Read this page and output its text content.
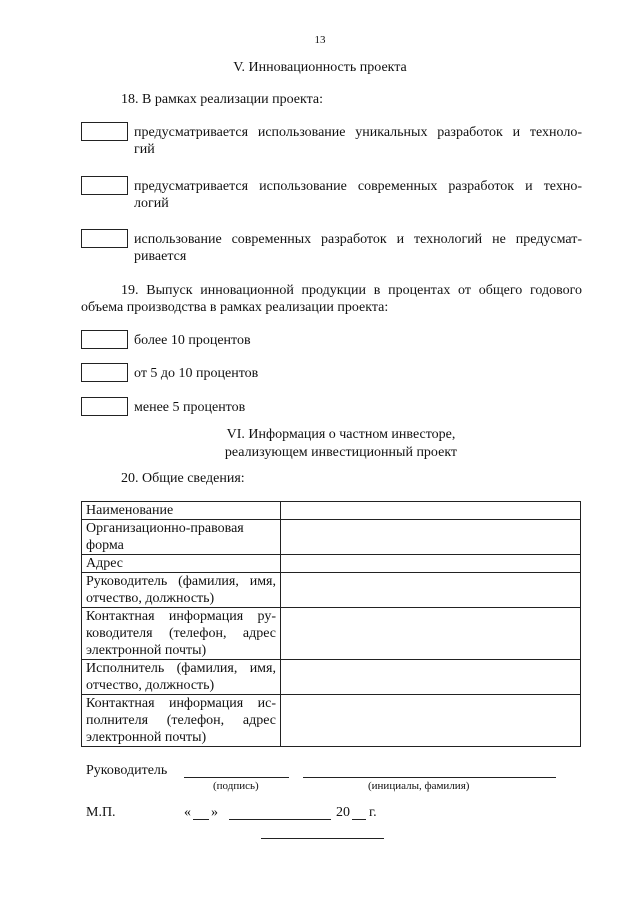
13
V. Инновационность проекта
18. В рамках реализации проекта:
предусматривается использование уникальных разработок и техноло-
гий
предусматривается использование современных разработок и техно-
логий
использование современных разработок и технологий не предусмат-
ривается
19. Выпуск инновационной продукции в процентах от общего годового
объема производства в рамках реализации проекта:
более 10 процентов
от 5 до 10 процентов
менее 5 процентов
VI. Информация о частном инвесторе,
реализующем инвестиционный проект
20. Общие сведения:
Наименование	

Организационно-правовая
форма	

Адрес	

Руководитель (фамилия, имя,
отчество, должность)	

Контактная информация ру-
ководителя (телефон, адрес
электронной почты)	

Исполнитель (фамилия, имя,
отчество, должность)	

Контактная информация ис-
полнителя (телефон, адрес
электронной почты)	

Руководитель
(подпись)	(инициалы, фамилия)
М.П.	« »	20 г.
